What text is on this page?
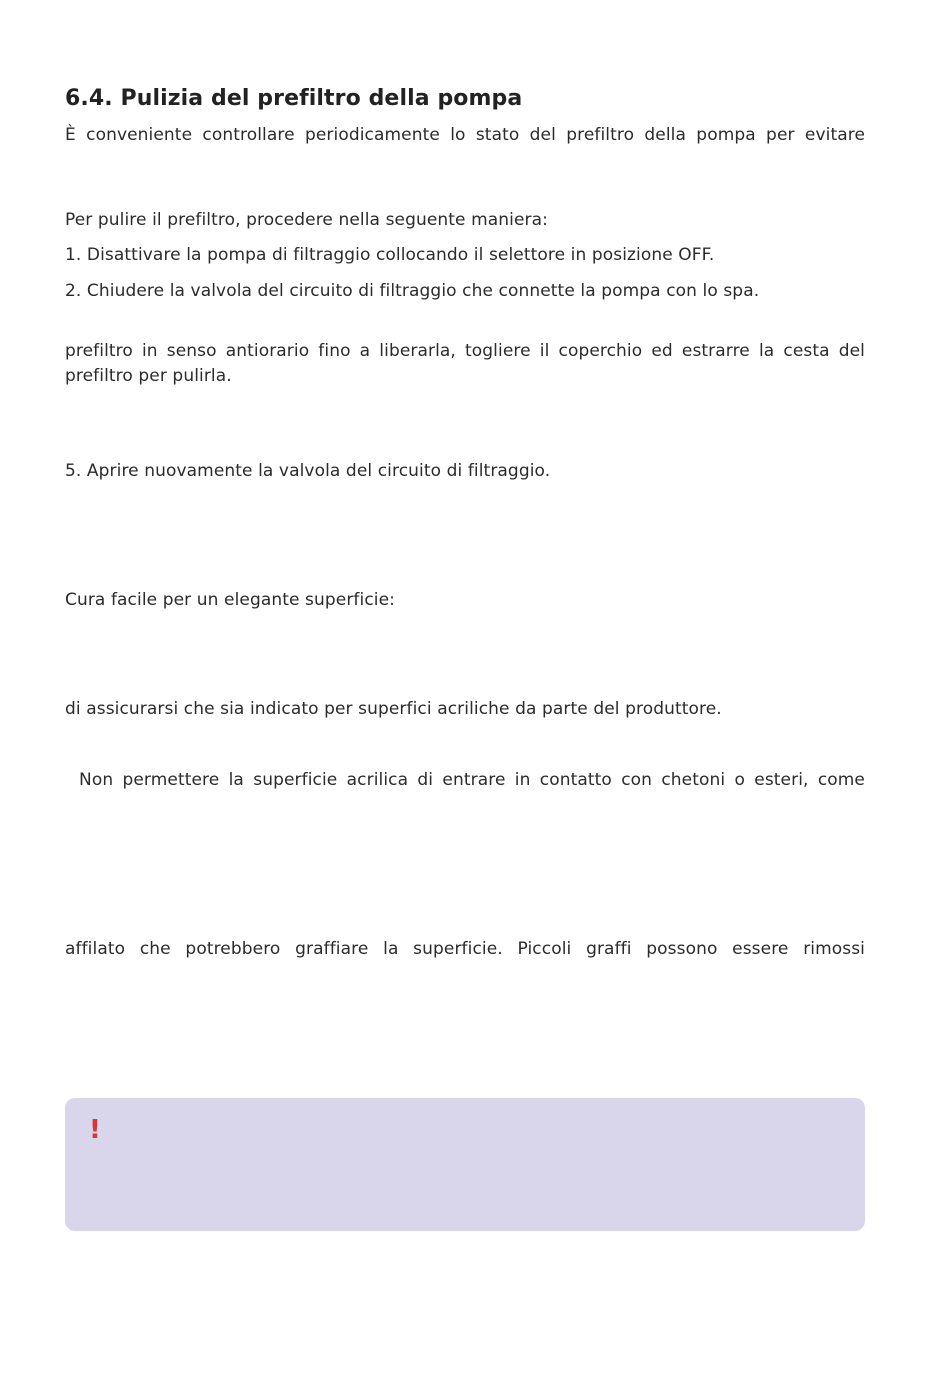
6.4. Pulizia del prefiltro della pompa

È conveniente controllare periodicamente lo stato del prefiltro della pompa per evitare

Per pulire il prefiltro, procedere nella seguente maniera:

1. Disattivare la pompa di filtraggio collocando il selettore in posizione OFF.

2. Chiudere la valvola del circuito di filtraggio che connette la pompa con lo spa.

prefiltro in senso antiorario fino a liberarla, togliere il coperchio ed estrarre la cesta del

prefiltro per pulirla.

5. Aprire nuovamente la valvola del circuito di filtraggio.

Cura facile per un elegante superficie:

di assicurarsi che sia indicato per superfici acriliche da parte del produttore.

Non permettere la superficie acrilica di entrare in contatto con chetoni o esteri, come

affilato che potrebbero graffiare la superficie. Piccoli graffi possono essere rimossi

!
